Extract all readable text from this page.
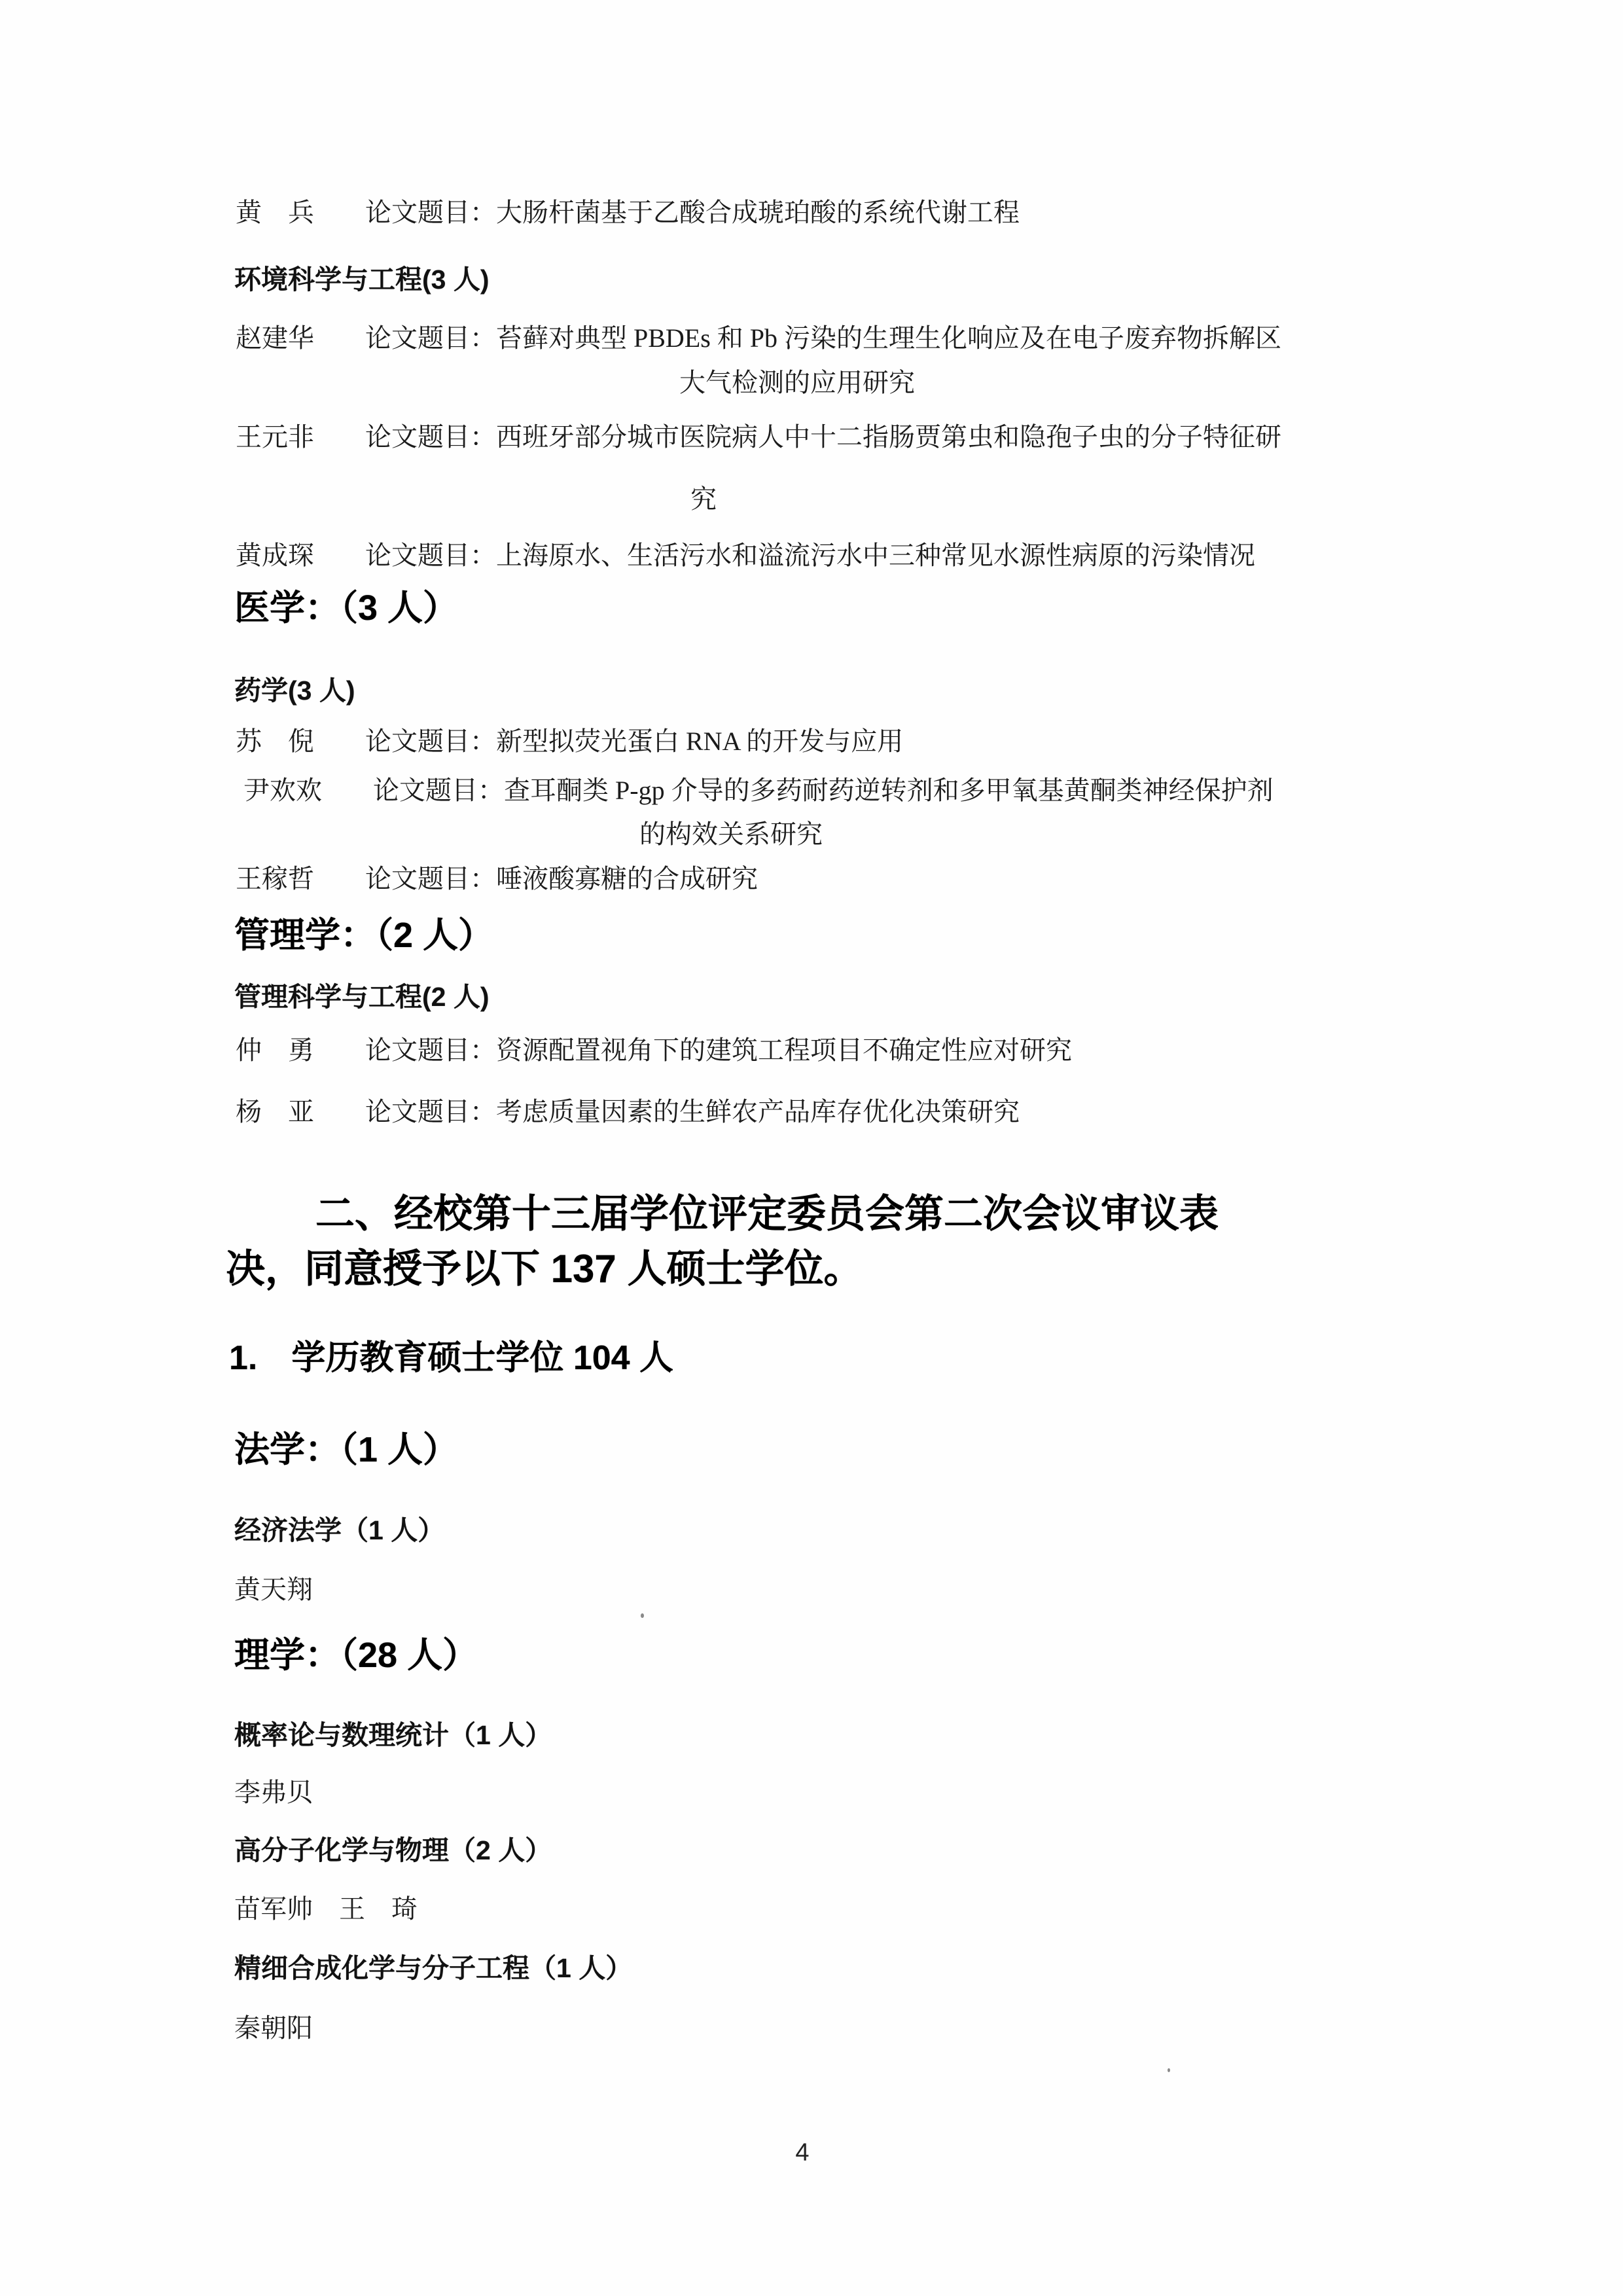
4
黄　兵 论文题目：大肠杆菌基于乙酸合成琥珀酸的系统代谢工程
环境科学与工程(3 人)
赵建华 论文题目：苔藓对典型 PBDEs 和 Pb 污染的生理生化响应及在电子废弃物拆解区
大气检测的应用研究
王元非 论文题目：西班牙部分城市医院病人中十二指肠贾第虫和隐孢子虫的分子特征研
究
黄成琛 论文题目：上海原水、生活污水和溢流污水中三种常见水源性病原的污染情况
医学：（3 人）
药学(3 人)
苏　倪 论文题目：新型拟荧光蛋白 RNA 的开发与应用
尹欢欢 论文题目：查耳酮类 P-gp 介导的多药耐药逆转剂和多甲氧基黄酮类神经保护剂
的构效关系研究
王稼哲 论文题目：唾液酸寡糖的合成研究
管理学：（2 人）
管理科学与工程(2 人)
仲　勇 论文题目：资源配置视角下的建筑工程项目不确定性应对研究
杨　亚 论文题目：考虑质量因素的生鲜农产品库存优化决策研究
二、经校第十三届学位评定委员会第二次会议审议表
决，同意授予以下 137 人硕士学位。
1.　学历教育硕士学位 104 人
法学：（1 人）
经济法学（1 人）
黄天翔
理学：（28 人）
概率论与数理统计（1 人）
李弗贝
高分子化学与物理（2 人）
苗军帅　王　琦
精细合成化学与分子工程（1 人）
秦朝阳
